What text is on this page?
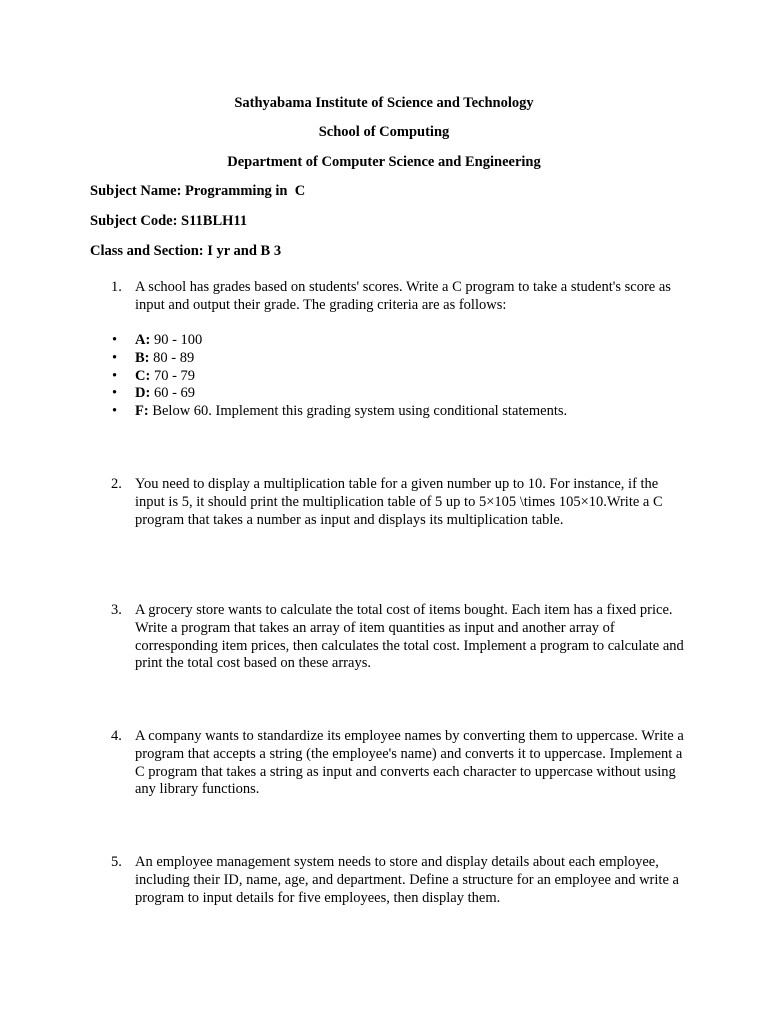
Sathyabama Institute of Science and Technology
School of Computing
Department of Computer Science and Engineering
Subject Name: Programming in  C
Subject Code: S11BLH11
Class and Section: I yr and B 3
1. A school has grades based on students' scores. Write a C program to take a student's score as input and output their grade. The grading criteria are as follows:
• A: 90 - 100
• B: 80 - 89
• C: 70 - 79
• D: 60 - 69
• F: Below 60. Implement this grading system using conditional statements.
2. You need to display a multiplication table for a given number up to 10. For instance, if the input is 5, it should print the multiplication table of 5 up to 5×105 \times 105×10.Write a C program that takes a number as input and displays its multiplication table.
3. A grocery store wants to calculate the total cost of items bought. Each item has a fixed price. Write a program that takes an array of item quantities as input and another array of corresponding item prices, then calculates the total cost. Implement a program to calculate and print the total cost based on these arrays.
4. A company wants to standardize its employee names by converting them to uppercase. Write a program that accepts a string (the employee's name) and converts it to uppercase. Implement a C program that takes a string as input and converts each character to uppercase without using any library functions.
5. An employee management system needs to store and display details about each employee, including their ID, name, age, and department. Define a structure for an employee and write a program to input details for five employees, then display them.
